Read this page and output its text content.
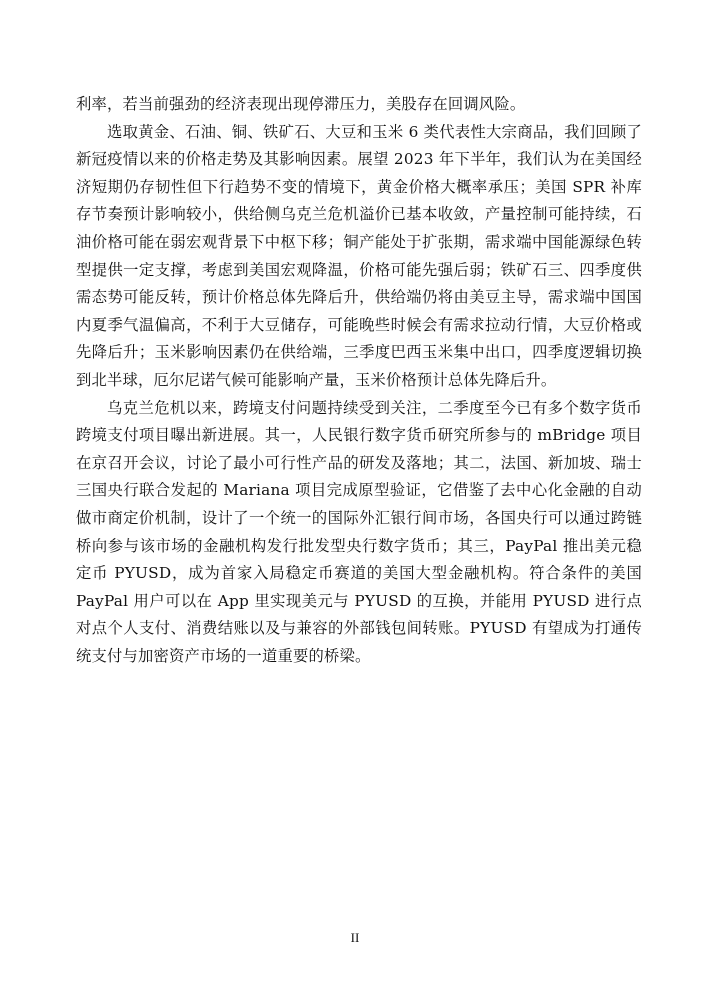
利率，若当前强劲的经济表现出现停滞压力，美股存在回调风险。

选取黄金、石油、铜、铁矿石、大豆和玉米 6 类代表性大宗商品，我们回顾了新冠疫情以来的价格走势及其影响因素。展望 2023 年下半年，我们认为在美国经济短期仍存韧性但下行趋势不变的情境下，黄金价格大概率承压；美国 SPR 补库存节奏预计影响较小，供给侧乌克兰危机溢价已基本收敛，产量控制可能持续，石油价格可能在弱宏观背景下中枢下移；铜产能处于扩张期，需求端中国能源绿色转型提供一定支撑，考虑到美国宏观降温，价格可能先强后弱；铁矿石三、四季度供需态势可能反转，预计价格总体先降后升，供给端仍将由美豆主导，需求端中国国内夏季气温偏高，不利于大豆储存，可能晚些时候会有需求拉动行情，大豆价格或先降后升；玉米影响因素仍在供给端，三季度巴西玉米集中出口，四季度逻辑切换到北半球，厄尔尼诺气候可能影响产量，玉米价格预计总体先降后升。

乌克兰危机以来，跨境支付问题持续受到关注，二季度至今已有多个数字货币跨境支付项目曝出新进展。其一，人民银行数字货币研究所参与的 mBridge 项目在京召开会议，讨论了最小可行性产品的研发及落地；其二，法国、新加坡、瑞士三国央行联合发起的 Mariana 项目完成原型验证，它借鉴了去中心化金融的自动做市商定价机制，设计了一个统一的国际外汇银行间市场，各国央行可以通过跨链桥向参与该市场的金融机构发行批发型央行数字货币；其三，PayPal 推出美元稳定币 PYUSD，成为首家入局稳定币赛道的美国大型金融机构。符合条件的美国 PayPal 用户可以在 App 里实现美元与 PYUSD 的互换，并能用 PYUSD 进行点对点个人支付、消费结账以及与兼容的外部钱包间转账。PYUSD 有望成为打通传统支付与加密资产市场的一道重要的桥梁。

II
